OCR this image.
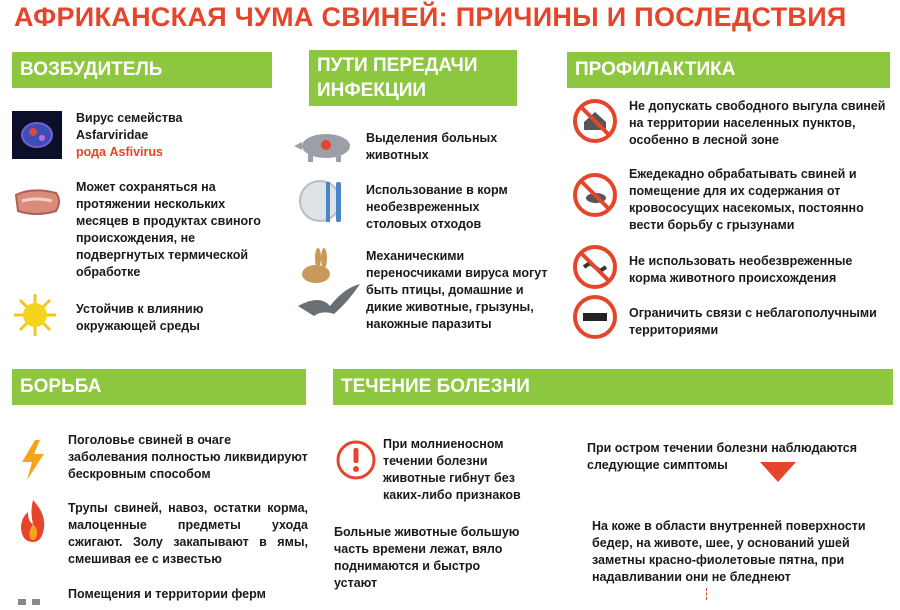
АФРИКАНСКАЯ ЧУМА СВИНЕЙ: ПРИЧИНЫ И ПОСЛЕДСТВИЯ
ВОЗБУДИТЕЛЬ
Вирус семейства
Asfarviridae
рода Asfivirus
Может сохраняться на протяжении нескольких месяцев в продуктах свиного происхождения, не подвергнутых термической обработке
Устойчив к влиянию окружающей среды
ПУТИ ПЕРЕДАЧИ
ИНФЕКЦИИ
Выделения больных животных
Использование в корм необезвреженных столовых отходов
Механическими переносчиками вируса могут быть птицы, домашние и дикие животные, грызуны, накожные паразиты
ПРОФИЛАКТИКА
Не допускать свободного выгула свиней на территории населенных пунктов, особенно в лесной зоне
Ежедекадно обрабатывать свиней и помещение для их содержания от кровососущих насекомых, постоянно вести борьбу с грызунами
Не использовать необезвреженные корма животного происхождения
Ограничить связи с неблагополучными территориями
БОРЬБА
Поголовье свиней в очаге заболевания полностью ликвидируют бескровным способом
Трупы свиней, навоз, остатки корма, малоценные предметы ухода сжигают. Золу закапывают в ямы, смешивая ее с известью
Помещения и территории ферм
ТЕЧЕНИЕ БОЛЕЗНИ
При молниеносном течении болезни животные гибнут без каких-либо признаков
Больные животные большую часть времени лежат, вяло поднимаются и быстро устают
При остром течении болезни наблюдаются следующие симптомы
На коже в области внутренней поверхности бедер, на животе, шее, у оснований ушей заметны красно-фиолетовые пятна, при надавливании они не бледнеют
